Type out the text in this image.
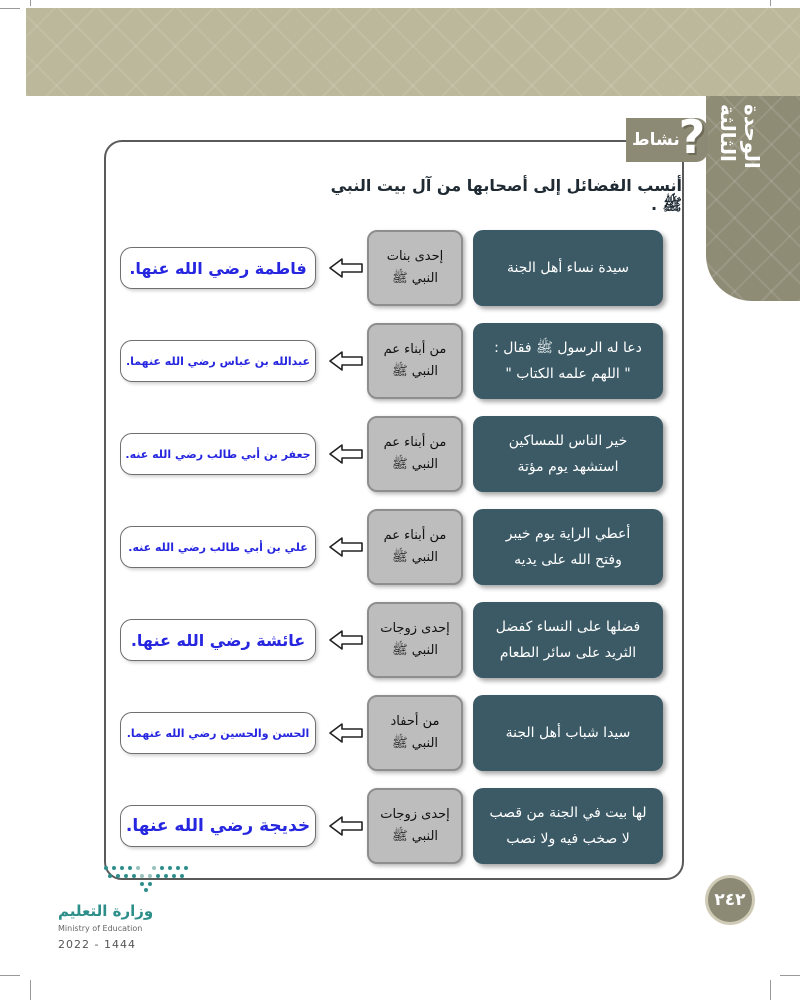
الوحدة الثالثة
نشاط
?
أنسب الفضائل إلى أصحابها من آل بيت النبي ﷺ .
سيدة نساء أهل الجنة
إحدى بنات
النبي ﷺ
فاطمة رضي الله عنها.
دعا له الرسول ﷺ فقال :
" اللهم علمه الكتاب "
من أبناء عم
النبي ﷺ
عبدالله بن عباس رضي الله عنهما.
خير الناس للمساكين
استشهد يوم مؤتة
من أبناء عم
النبي ﷺ
جعفر بن أبي طالب رضي الله عنه.
أعطي الراية يوم خيبر
وفتح الله على يديه
من أبناء عم
النبي ﷺ
علي بن أبي طالب رضي الله عنه.
فضلها على النساء كفضل
الثريد على سائر الطعام
إحدى زوجات
النبي ﷺ
عائشة رضي الله عنها.
سيدا شباب أهل الجنة
من أحفاد
النبي ﷺ
الحسن والحسين رضي الله عنهما.
لها بيت في الجنة من قصب
لا صخب فيه ولا نصب
إحدى زوجات
النبي ﷺ
خديجة رضي الله عنها.
وزارة التعليم
Ministry of Education
2022 - 1444
٢٤٢
